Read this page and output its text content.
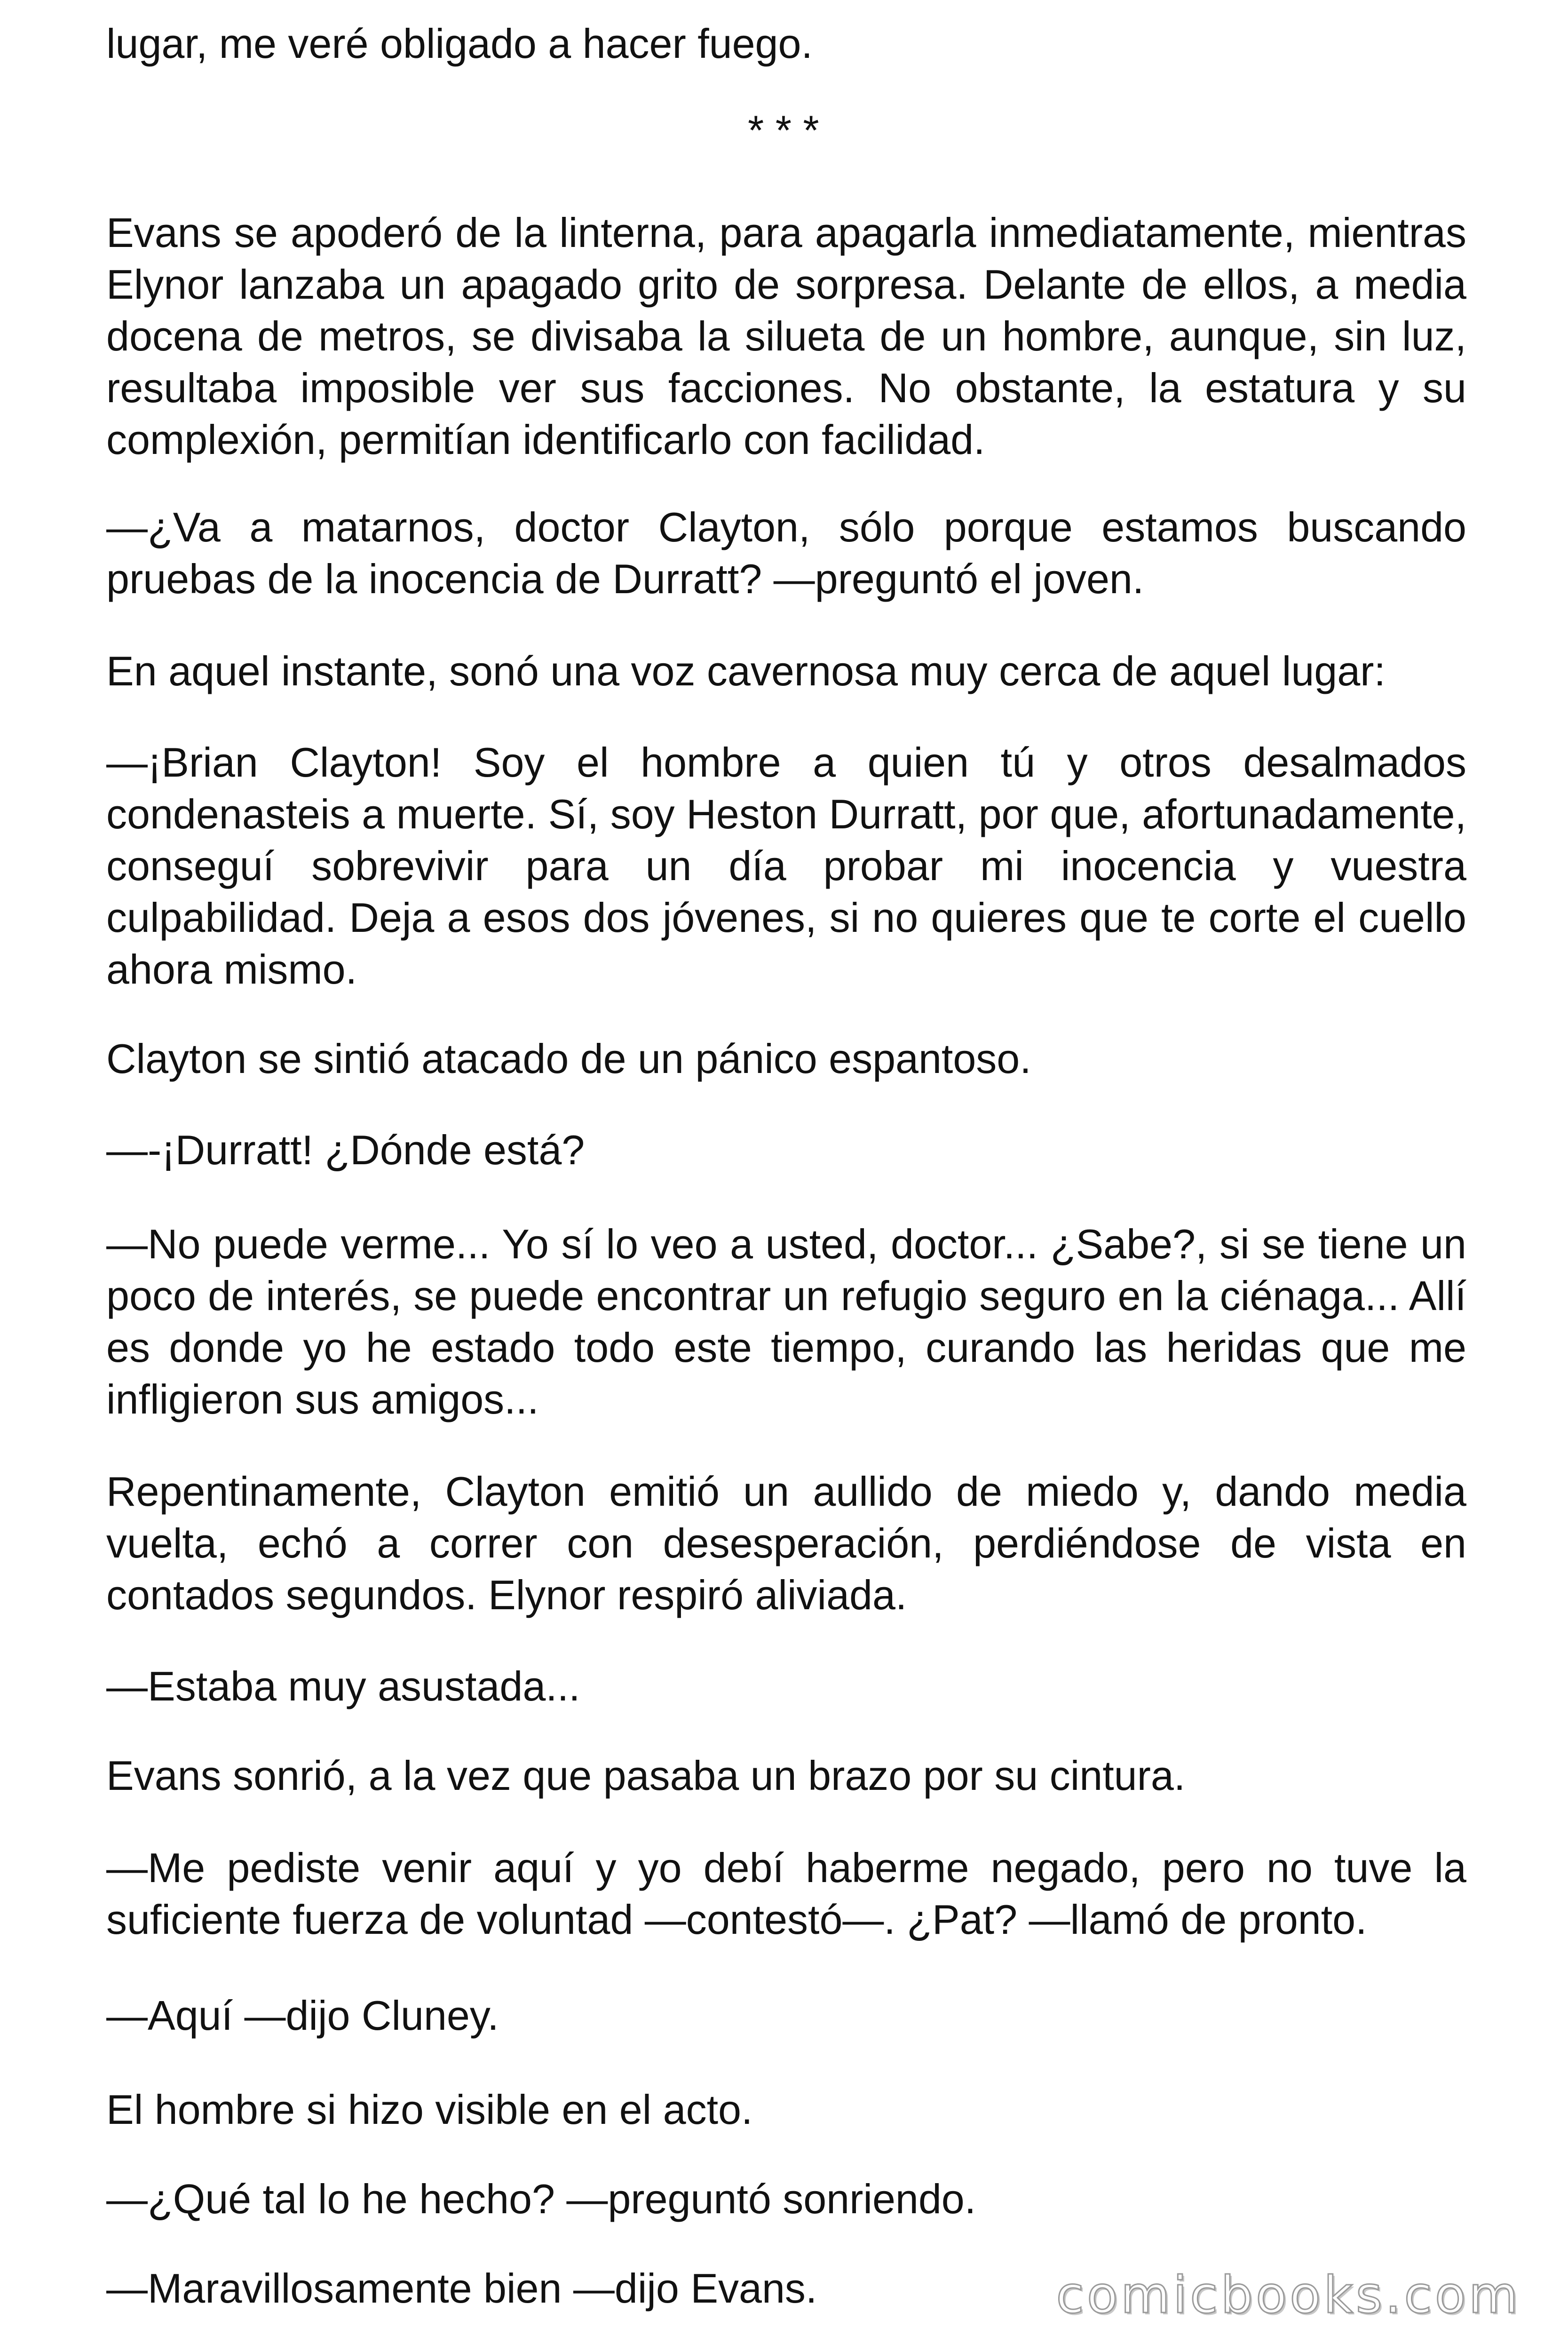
lugar, me veré obligado a hacer fuego.

* * *

Evans se apoderó de la linterna, para apagarla inmediatamente, mientras Elynor lanzaba un apagado grito de sorpresa. Delante de ellos, a media docena de metros, se divisaba la silueta de un hombre, aunque, sin luz, resultaba imposible ver sus facciones. No obstante, la estatura y su complexión, permitían identificarlo con facilidad.

—¿Va a matarnos, doctor Clayton, sólo porque estamos buscando pruebas de la inocencia de Durratt? —preguntó el joven.

En aquel instante, sonó una voz cavernosa muy cerca de aquel lugar:

—¡Brian Clayton! Soy el hombre a quien tú y otros desalmados condenasteis a muerte. Sí, soy Heston Durratt, por que, afortunadamente, conseguí sobrevivir para un día probar mi inocencia y vuestra culpabilidad. Deja a esos dos jóvenes, si no quieres que te corte el cuello ahora mismo.

Clayton se sintió atacado de un pánico espantoso.

—-¡Durratt! ¿Dónde está?

—No puede verme... Yo sí lo veo a usted, doctor... ¿Sabe?, si se tiene un poco de interés, se puede encontrar un refugio seguro en la ciénaga... Allí es donde yo he estado todo este tiempo, curando las heridas que me infligieron sus amigos...

Repentinamente, Clayton emitió un aullido de miedo y, dando media vuelta, echó a correr con desesperación, perdiéndose de vista en contados segundos. Elynor respiró aliviada.

—Estaba muy asustada...

Evans sonrió, a la vez que pasaba un brazo por su cintura.

—Me pediste venir aquí y yo debí haberme negado, pero no tuve la suficiente fuerza de voluntad —contestó—. ¿Pat? —llamó de pronto.

—Aquí —dijo Cluney.

El hombre si hizo visible en el acto.

—¿Qué tal lo he hecho? —preguntó sonriendo.

—Maravillosamente bien —dijo Evans.	comicbooks.com
